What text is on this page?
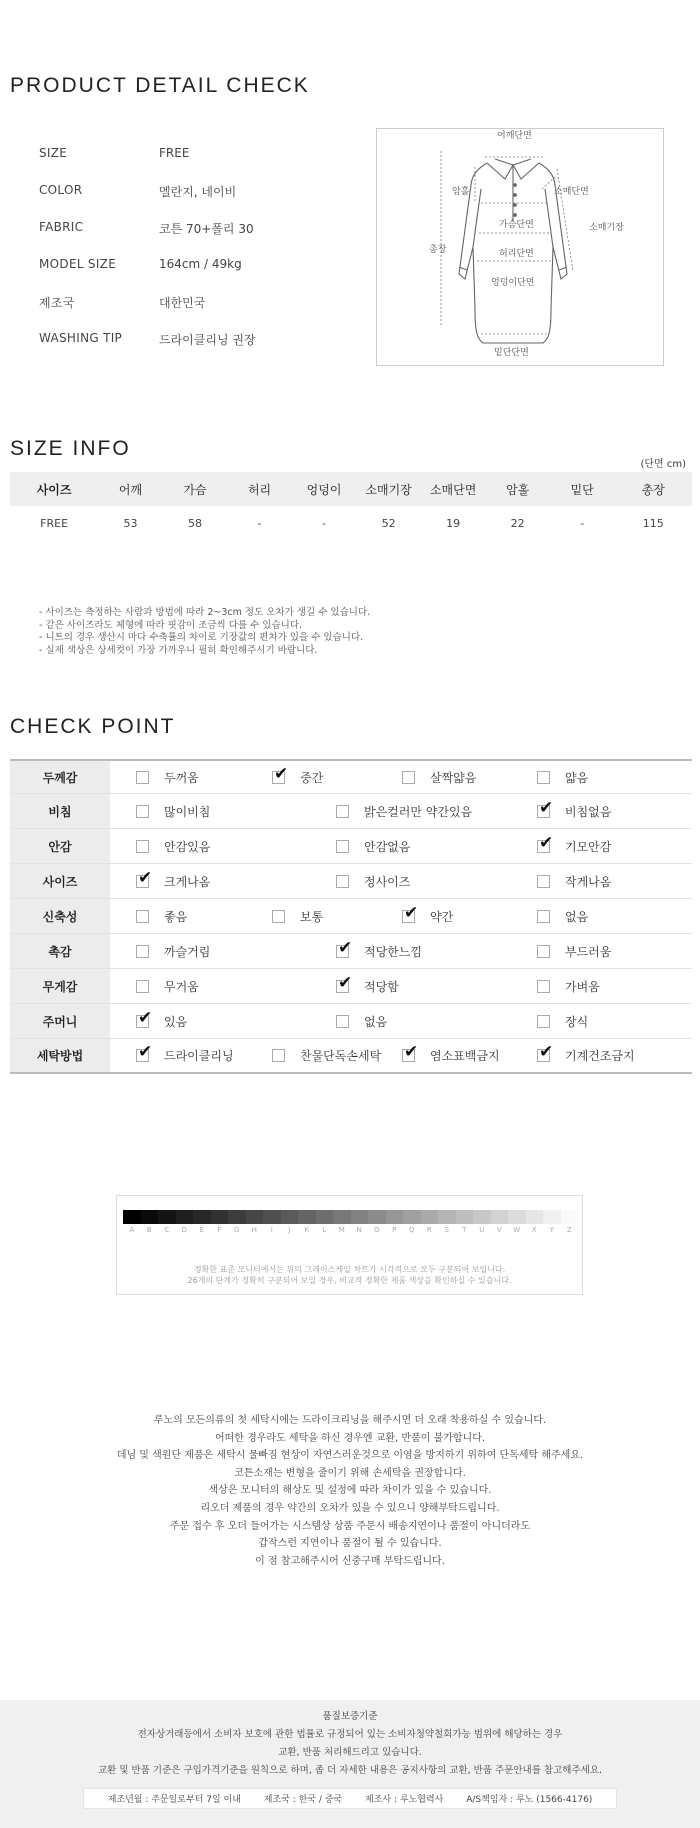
PRODUCT DETAIL CHECK
SIZE	FREE
COLOR	멜란지, 네이비
FABRIC	코튼 70+폴리 30
MODEL SIZE	164cm / 49kg
제조국	대한민국
WASHING TIP	드라이클리닝 권장
어깨단면
암홀	소매단면
가슴단면	소매기장
총장	허리단면
엉덩이단면
밑단단면
SIZE INFO
(단면 cm)
사이즈	어깨	가슴	허리	엉덩이	소매기장	소매단면	암홀	밑단	총장
FREE	53	58	-	-	52	19	22	-	115
- 사이즈는 측정하는 사람과 방법에 따라 2~3cm 정도 오차가 생길 수 있습니다.
- 같은 사이즈라도 체형에 따라 핏감이 조금씩 다를 수 있습니다.
- 니트의 경우 생산시 마다 수축률의 차이로 기장값의 편차가 있을 수 있습니다.
- 실제 색상은 상세컷이 가장 가까우니 필히 확인해주시기 바랍니다.
CHECK POINT
두께감	두꺼움	✔ 중간	살짝얇음	얇음
비침	많이비침	밝은컬러만 약간있음	✔ 비침없음
안감	안감있음	안감없음	✔ 기모안감
사이즈	✔ 크게나옴	정사이즈	작게나옴
신축성	좋음	보통	✔ 약간	없음
촉감	까슬거림	✔ 적당한느낌	부드러움
무게감	무거움	✔ 적당함	가벼움
주머니	✔ 있음	없음	장식
세탁방법	✔ 드라이클리닝	찬물단독손세탁 ✔ 염소표백금지 ✔ 기계건조금지
A	B	C	D	E	F	G	H	I	J	K	L	M	N	O	P	Q	R	S	T	U	V	W	X	Y	Z
정확한 표준 모니터에서는 위의 그레이스케일 차트가 시각적으로 모두 구분되어 보입니다.
26개의 단계가 정확히 구분되어 보일 경우, 비교적 정확한 제품 색상을 확인하실 수 있습니다.
루노의 모든의류의 첫 세탁시에는 드라이크리닝을 해주시면 더 오래 착용하실 수 있습니다.
어떠한 경우라도 세탁을 하신 경우엔 교환, 반품이 불가합니다.
데님 및 색원단 제품은 세탁시 물빠짐 현상이 자연스러운것으로 이염을 방지하기 위하여 단독세탁 해주세요.
코튼소재는 변형을 줄이기 위해 손세탁을 권장합니다.
색상은 모니터의 해상도 및 설정에 따라 차이가 있을 수 있습니다.
리오더 제품의 경우 약간의 오차가 있을 수 있으니 양해부탁드립니다.
주문 접수 후 오더 들어가는 시스템상 상품 주문시 배송지연이나 품절이 아니더라도
갑작스런 지연이나 품절이 될 수 있습니다.
이 점 참고해주시어 신중구매 부탁드립니다.
품질보증기준
전자상거래등에서 소비자 보호에 관한 법률로 규정되어 있는 소비자청약철회가능 범위에 해당하는 경우
교환, 반품 처리해드리고 있습니다.
교환 및 반품 기준은 구입가격기준을 원칙으로 하며, 좀 더 자세한 내용은 공지사항의 교환, 반품 주문안내를 참고해주세요.
제조년월 : 주문일로부터 7일 이내	제조국 : 한국 / 중국	제조사 : 루노협력사	A/S책임자 : 루노 (1566-4176)
